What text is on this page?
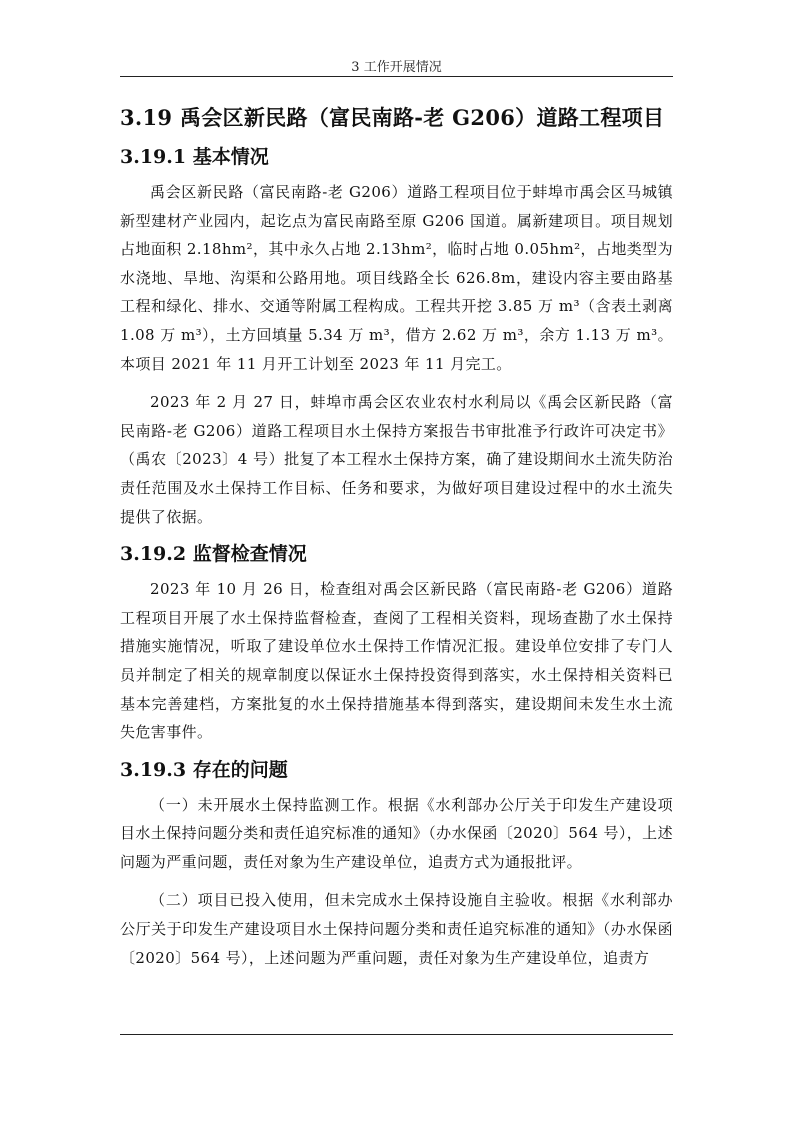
3 工作开展情况
3.19 禹会区新民路（富民南路-老 G206）道路工程项目
3.19.1 基本情况

禹会区新民路（富民南路-老 G206）道路工程项目位于蚌埠市禹会区马城镇新型建材产业园内，起讫点为富民南路至原 G206 国道。属新建项目。项目规划占地面积 2.18hm²，其中永久占地 2.13hm²，临时占地 0.05hm²，占地类型为水浇地、旱地、沟渠和公路用地。项目线路全长 626.8m，建设内容主要由路基工程和绿化、排水、交通等附属工程构成。工程共开挖 3.85 万 m³（含表土剥离 1.08 万 m³），土方回填量 5.34 万 m³，借方 2.62 万 m³，余方 1.13 万 m³。本项目 2021 年 11 月开工计划至 2023 年 11 月完工。

2023 年 2 月 27 日，蚌埠市禹会区农业农村水利局以《禹会区新民路（富民南路-老 G206）道路工程项目水土保持方案报告书审批准予行政许可决定书》（禹农〔2023〕4 号）批复了本工程水土保持方案，确了建设期间水土流失防治责任范围及水土保持工作目标、任务和要求，为做好项目建设过程中的水土流失提供了依据。

3.19.2 监督检查情况

2023 年 10 月 26 日，检查组对禹会区新民路（富民南路-老 G206）道路工程项目开展了水土保持监督检查，查阅了工程相关资料，现场查勘了水土保持措施实施情况，听取了建设单位水土保持工作情况汇报。建设单位安排了专门人员并制定了相关的规章制度以保证水土保持投资得到落实，水土保持相关资料已基本完善建档，方案批复的水土保持措施基本得到落实，建设期间未发生水土流失危害事件。

3.19.3 存在的问题

（一）未开展水土保持监测工作。根据《水利部办公厅关于印发生产建设项目水土保持问题分类和责任追究标准的通知》（办水保函〔2020〕564 号），上述问题为严重问题，责任对象为生产建设单位，追责方式为通报批评。

（二）项目已投入使用，但未完成水土保持设施自主验收。根据《水利部办公厅关于印发生产建设项目水土保持问题分类和责任追究标准的通知》（办水保函〔2020〕564 号），上述问题为严重问题，责任对象为生产建设单位，追责方
